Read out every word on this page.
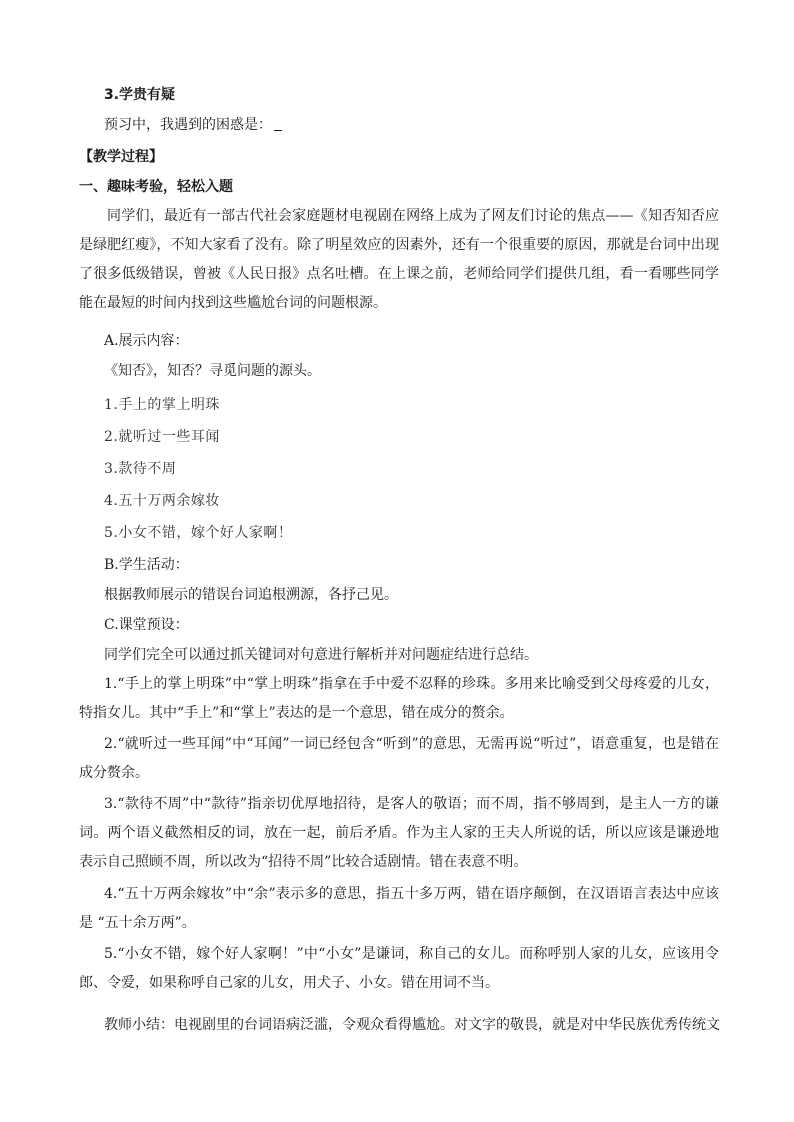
3.学贵有疑
预习中，我遇到的困惑是：
【教学过程】
一、趣味考验，轻松入题

同学们，最近有一部古代社会家庭题材电视剧在网络上成为了网友们讨论的焦点——《知否知否应是绿肥红瘦》，不知大家看了没有。除了明星效应的因素外，还有一个很重要的原因，那就是台词中出现了很多低级错误，曾被《人民日报》点名吐槽。在上课之前，老师给同学们提供几组，看一看哪些同学能在最短的时间内找到这些尴尬台词的问题根源。

A.展示内容：
《知否》，知否？寻觅问题的源头。
1.手上的掌上明珠
2.就听过一些耳闻
3.款待不周
4.五十万两余嫁妆
5.小女不错，嫁个好人家啊！
B.学生活动：
根据教师展示的错误台词追根溯源，各抒己见。
C.课堂预设：
同学们完全可以通过抓关键词对句意进行解析并对问题症结进行总结。

1.“手上的掌上明珠”中“掌上明珠”指拿在手中爱不忍释的珍珠。多用来比喻受到父母疼爱的儿女，特指女儿。其中“手上”和“掌上”表达的是一个意思，错在成分的赘余。

2.“就听过一些耳闻”中“耳闻”一词已经包含“听到”的意思，无需再说“听过”，语意重复，也是错在成分赘余。

3.“款待不周”中“款待”指亲切优厚地招待，是客人的敬语；而不周，指不够周到，是主人一方的谦词。两个语义截然相反的词，放在一起，前后矛盾。作为主人家的王夫人所说的话，所以应该是谦逊地表示自己照顾不周，所以改为“招待不周”比较合适剧情。错在表意不明。

4.“五十万两余嫁妆”中“余”表示多的意思，指五十多万两，错在语序颠倒，在汉语语言表达中应该是 “五十余万两”。

5.“小女不错，嫁个好人家啊！”中“小女”是谦词，称自己的女儿。而称呼别人家的儿女，应该用令郎、令爱，如果称呼自己家的儿女，用犬子、小女。错在用词不当。

教师小结：电视剧里的台词语病泛滥，令观众看得尴尬。对文字的敬畏，就是对中华民族优秀传统文
